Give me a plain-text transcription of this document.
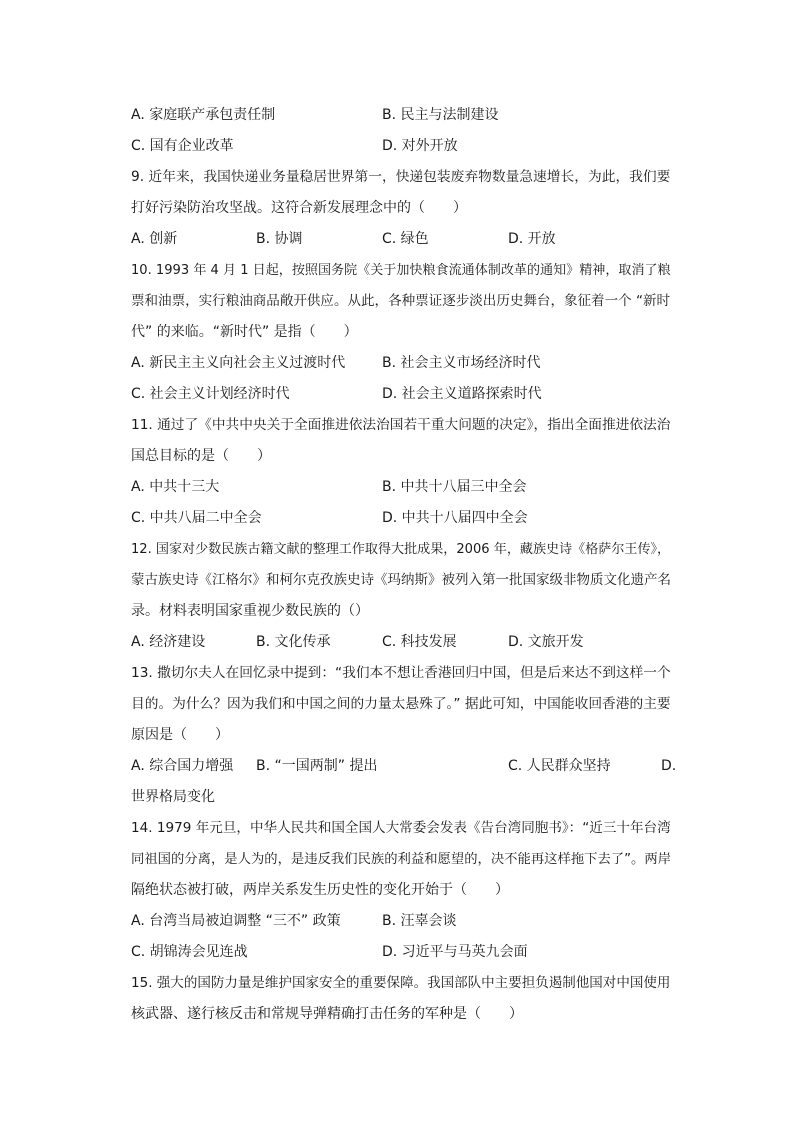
A. 家庭联产承包责任制	B. 民主与法制建设
C. 国有企业改革	D. 对外开放
9. 近年来，我国快递业务量稳居世界第一，快递包装废弃物数量急速增长，为此，我们要
打好污染防治攻坚战。这符合新发展理念中的（　　）
A. 创新	B. 协调	C. 绿色	D. 开放
10. 1993 年 4 月 1 日起，按照国务院《关于加快粮食流通体制改革的通知》精神，取消了粮
票和油票，实行粮油商品敞开供应。从此，各种票证逐步淡出历史舞台，象征着一个 “新时
代” 的来临。“新时代” 是指（　　）
A. 新民主主义向社会主义过渡时代	B. 社会主义市场经济时代
C. 社会主义计划经济时代	D. 社会主义道路探索时代
11. 通过了《中共中央关于全面推进依法治国若干重大问题的决定》，指出全面推进依法治
国总目标的是（　　）
A. 中共十三大	B. 中共十八届三中全会
C. 中共八届二中全会	D. 中共十八届四中全会
12. 国家对少数民族古籍文献的整理工作取得大批成果，2006 年，藏族史诗《格萨尔王传》，
蒙古族史诗《江格尔》和柯尔克孜族史诗《玛纳斯》被列入第一批国家级非物质文化遗产名
录。材料表明国家重视少数民族的（）
A. 经济建设	B. 文化传承	C. 科技发展	D. 文旅开发
13. 撒切尔夫人在回忆录中提到：“我们本不想让香港回归中国，但是后来达不到这样一个
目的。为什么？因为我们和中国之间的力量太悬殊了。” 据此可知，中国能收回香港的主要
原因是（　　）
A. 综合国力增强 B. “一国两制” 提出	C. 人民群众坚持	D.
世界格局变化
14. 1979 年元旦，中华人民共和国全国人大常委会发表《告台湾同胞书》：“近三十年台湾
同祖国的分离，是人为的，是违反我们民族的利益和愿望的，决不能再这样拖下去了”。两岸
隔绝状态被打破，两岸关系发生历史性的变化开始于（　　）
A. 台湾当局被迫调整 “三不” 政策	B. 汪辜会谈
C. 胡锦涛会见连战	D. 习近平与马英九会面
15. 强大的国防力量是维护国家安全的重要保障。我国部队中主要担负遏制他国对中国使用
核武器、遂行核反击和常规导弹精确打击任务的军种是（　　）
